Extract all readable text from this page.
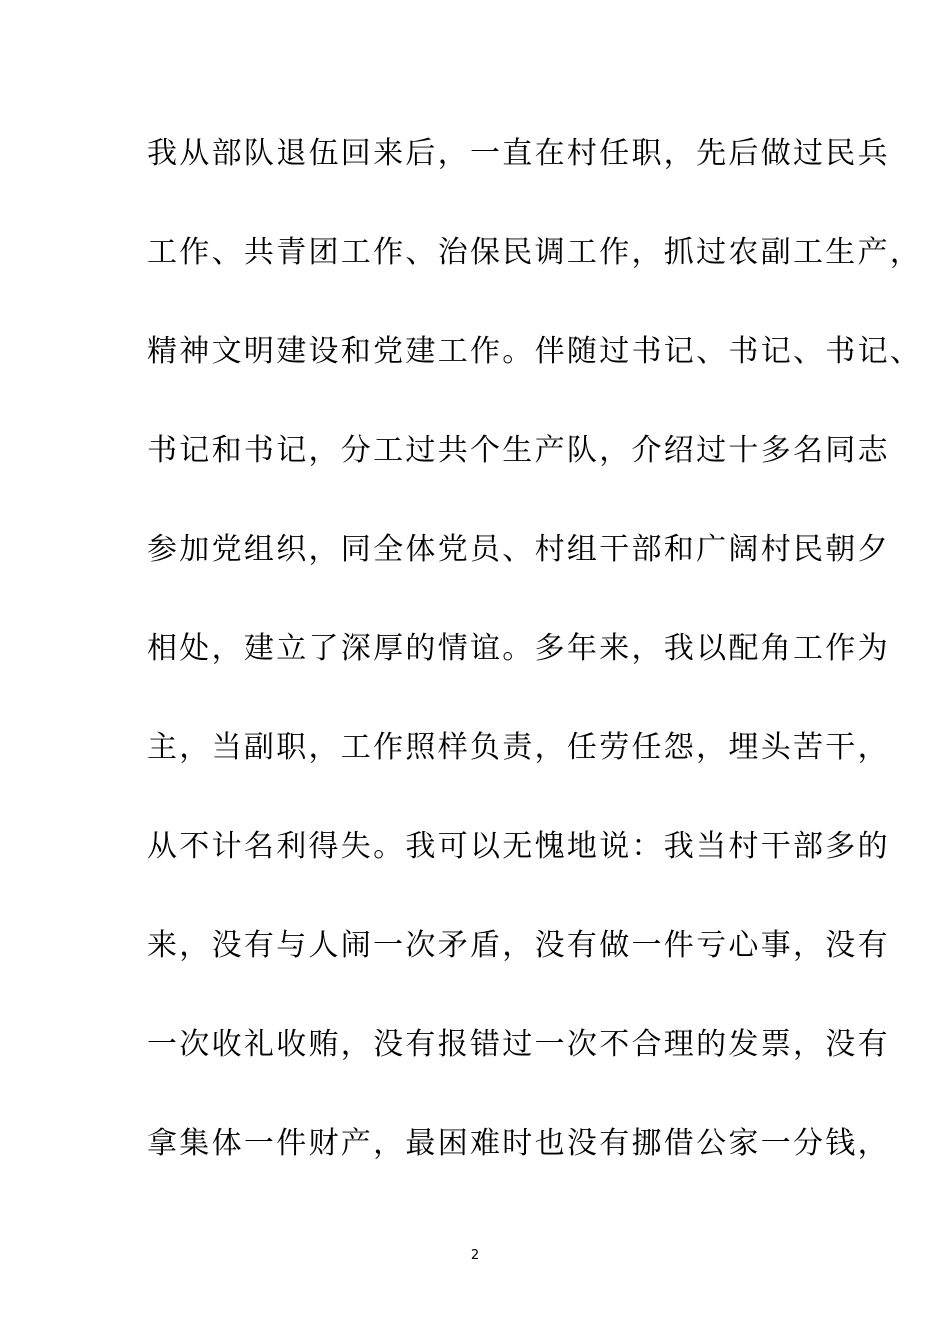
我从部队退伍回来后，一直在村任职，先后做过民兵
工作、共青团工作、治保民调工作，抓过农副工生产，
精神文明建设和党建工作。伴随过书记、书记、书记、
书记和书记，分工过共个生产队，介绍过十多名同志
参加党组织，同全体党员、村组干部和广阔村民朝夕
相处，建立了深厚的情谊。多年来，我以配角工作为
主，当副职，工作照样负责，任劳任怨，埋头苦干，
从不计名利得失。我可以无愧地说：我当村干部多的
来，没有与人闹一次矛盾，没有做一件亏心事，没有
一次收礼收贿，没有报错过一次不合理的发票，没有
拿集体一件财产，最困难时也没有挪借公家一分钱，
2
